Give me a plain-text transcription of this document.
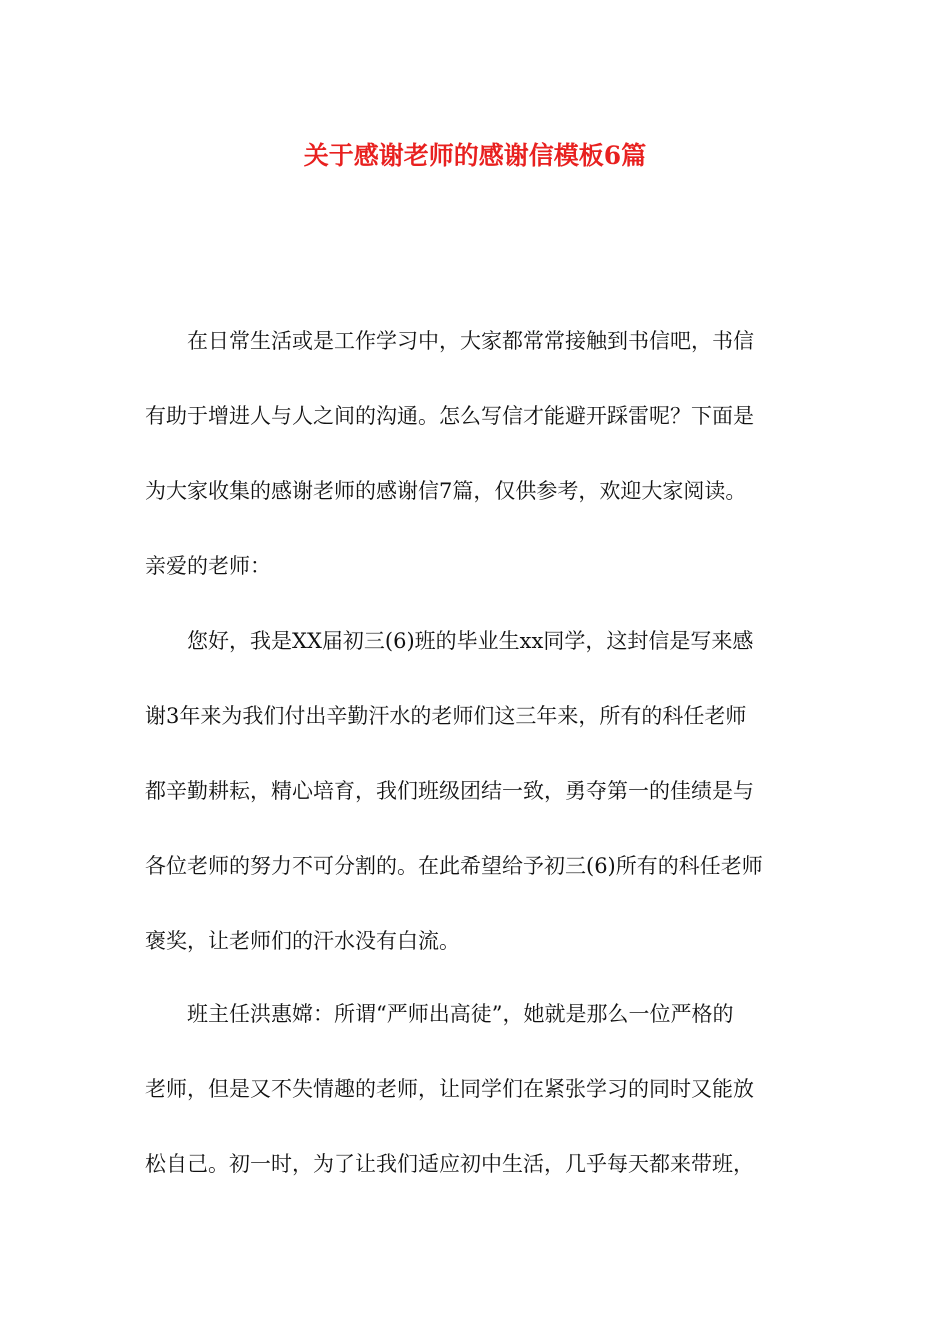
关于感谢老师的感谢信模板6篇
在日常生活或是工作学习中，大家都常常接触到书信吧，书信
有助于增进人与人之间的沟通。怎么写信才能避开踩雷呢？下面是
为大家收集的感谢老师的感谢信7篇，仅供参考，欢迎大家阅读。
亲爱的老师：
您好，我是XX届初三(6)班的毕业生xx同学，这封信是写来感
谢3年来为我们付出辛勤汗水的老师们这三年来，所有的科任老师
都辛勤耕耘，精心培育，我们班级团结一致，勇夺第一的佳绩是与
各位老师的努力不可分割的。在此希望给予初三(6)所有的科任老师
褒奖，让老师们的汗水没有白流。
班主任洪惠嫦：所谓“严师出高徒”，她就是那么一位严格的
老师，但是又不失情趣的老师，让同学们在紧张学习的同时又能放
松自己。初一时，为了让我们适应初中生活，几乎每天都来带班，
